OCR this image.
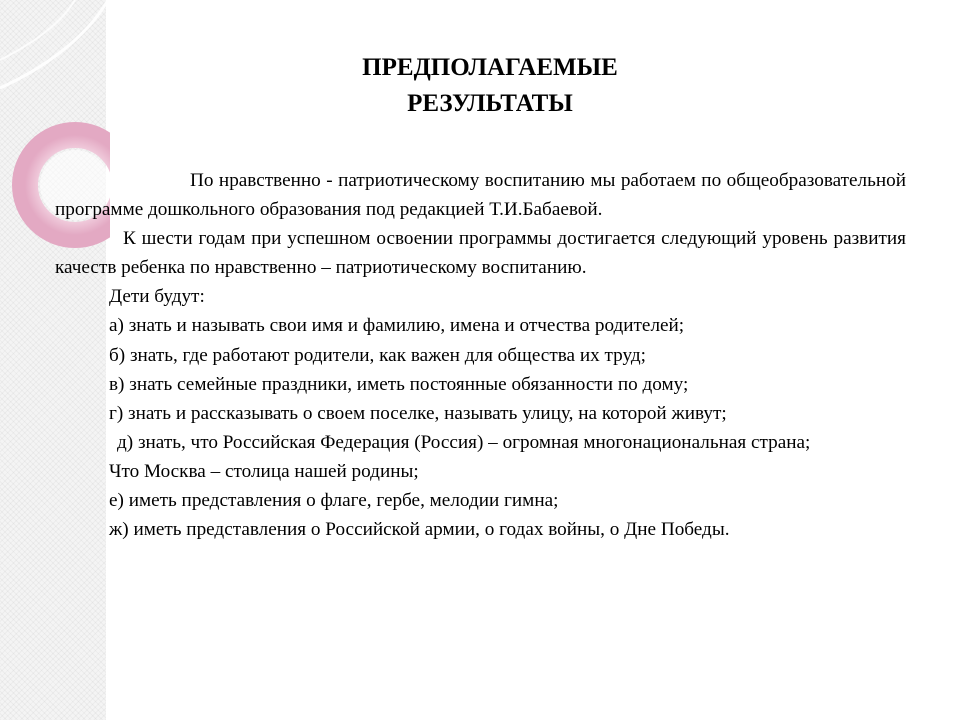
ПРЕДПОЛАГАЕМЫЕ
РЕЗУЛЬТАТЫ

По нравственно - патриотическому воспитанию мы работаем по общеобразовательной программе дошкольного образования под редакцией Т.И.Бабаевой.

К шести годам при успешном освоении программы достигается следующий уровень развития качеств ребенка по нравственно – патриотическому воспитанию.

Дети будут:

а) знать и называть свои имя и фамилию, имена и отчества родителей;

б) знать, где работают родители, как важен для общества их труд;

в) знать семейные праздники, иметь постоянные обязанности по дому;

г) знать и рассказывать о своем поселке, называть улицу, на которой живут;

д) знать, что Российская Федерация (Россия) – огромная многонациональная страна;

Что Москва – столица нашей родины;

е) иметь представления о флаге, гербе, мелодии гимна;

ж) иметь представления о Российской армии, о годах войны, о Дне Победы.
